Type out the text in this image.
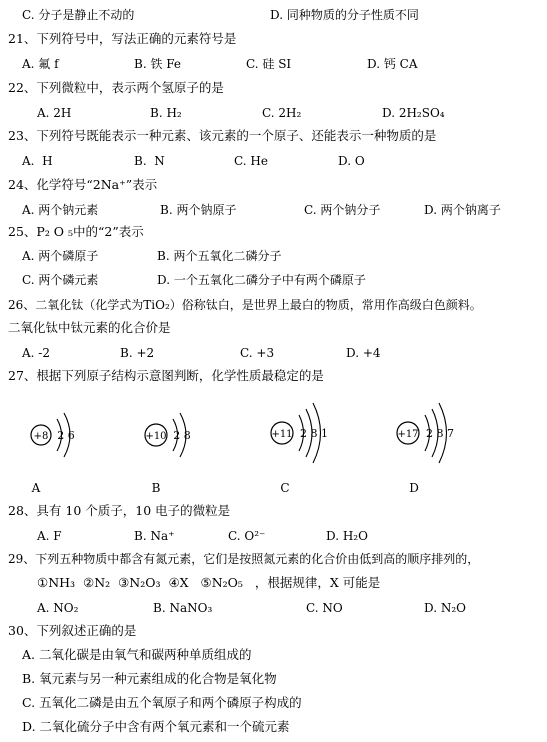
C. 分子是静止不动的	D. 同种物质的分子性质不同
21、下列符号中，写法正确的元素符号是
A. 氟 f	B. 铁 Fe	C. 硅 SI	D. 钙 CA
22、下列微粒中，表示两个氢原子的是
A. 2H	B. H₂	C. 2H₂	D. 2H₂SO₄
23、下列符号既能表示一种元素、该元素的一个原子、还能表示一种物质的是
A.  H	B.  N	C. He	D. O
24、化学符号“2Na⁺”表示
A. 两个钠元素	B. 两个钠原子	C. 两个钠分子	D. 两个钠离子
25、P₂ O ₅中的“2”表示
A. 两个磷原子	B. 两个五氧化二磷分子
C. 两个磷元素	D. 一个五氧化二磷分子中有两个磷原子
26、二氧化钛（化学式为TiO₂）俗称钛白，是世界上最白的物质，常用作高级白色颜料。
二氧化钛中钛元素的化合价是
A. -2	B. +2	C. +3	D. +4
27、根据下列原子结构示意图判断，化学性质最稳定的是
+8 2 6
A
+10 2 8
B
+11 2 8 1
C
+17 2 8 7
D
28、具有 10 个质子，10 电子的微粒是
A. F	B. Na⁺	C. O²⁻	D. H₂O
29、下列五种物质中都含有氮元素，它们是按照氮元素的化合价由低到高的顺序排列的，
①NH₃  ②N₂  ③N₂O₃  ④X   ⑤N₂O₅   ，根据规律，X 可能是
A. NO₂	B. NaNO₃	C. NO	D. N₂O
30、下列叙述正确的是
A. 二氧化碳是由氧气和碳两种单质组成的
B. 氧元素与另一种元素组成的化合物是氧化物
C. 五氧化二磷是由五个氧原子和两个磷原子构成的
D. 二氧化硫分子中含有两个氧元素和一个硫元素
